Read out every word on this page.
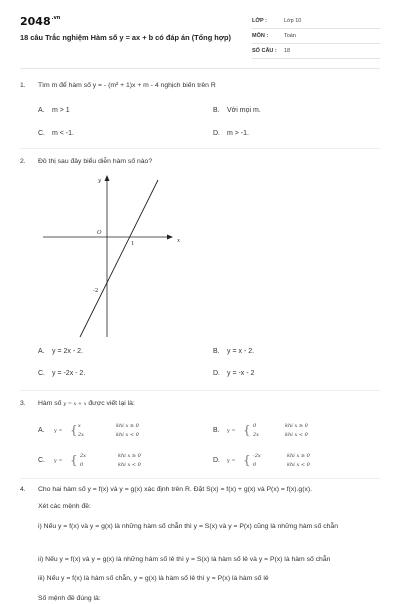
$2048^{.vn}$
18 câu Trắc nghiệm Hàm số y = ax + b có đáp án (Tổng hợp)
LỚP :	Lớp 10
MÔN :	Toán
SỐ CÂU : 18
1. Tìm m để hàm số y = - (m² + 1)x + m - 4 nghịch biến trên R
A. m > 1	B. Với mọi m.
C. m < -1.	D. m > -1.
2. Đồ thị sau đây biểu diễn hàm số nào?
y
x
O
1
-2
A. y = 2x - 2.	B. y = x - 2.
C. y = -2x - 2.	D. y = -x - 2
3. Hàm số y = x + x được viết lại là:
A. y = { x	khi x ≥ 0
2x	khi x < 0
B. y = { 0	khi x ≥ 0
2x	khi x < 0
C. y = { 2x	khi x ≥ 0
0	khi x < 0
D. y = { -2x	khi x ≥ 0
0	khi x < 0
4. Cho hai hàm số y = f(x) và y = g(x) xác định trên R. Đặt S(x) = f(x) + g(x) và P(x) = f(x).g(x).
Xét các mệnh đề:
i) Nếu y = f(x) và y = g(x) là những hàm số chẵn thì y = S(x) và y = P(x) cũng là những hàm số chẵn
ii) Nếu y = f(x) và y = g(x) là những hàm số lẻ thì y = S(x) là hàm số lẻ và y = P(x) là hàm số chẵn
iii) Nếu y = f(x) là hàm số chẵn, y = g(x) là hàm số lẻ thì y = P(x) là hàm số lẻ
Số mệnh đề đúng là:
